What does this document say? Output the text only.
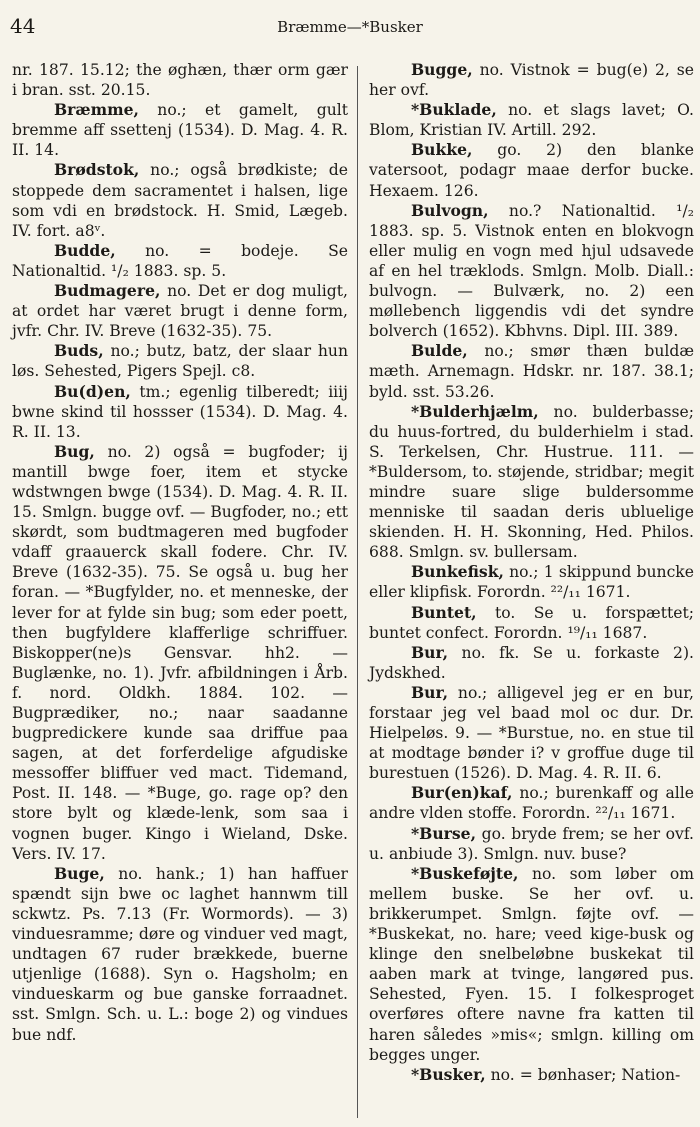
44	Bræmme—*Busker

nr. 187. 15.12; the øghæn, thær orm gær i bran. sst. 20.15.

Bræmme, no.; et gamelt, gult bremme aff ssettenj (1534). D. Mag. 4. R. II. 14.

Brødstok, no.; også brødkiste; de stoppede dem sacramentet i halsen, lige som vdi en brødstock. H. Smid, Lægeb. IV. fort. a8ᵛ.

Budde, no. = bodeje. Se Nationaltid. ¹/₂ 1883. sp. 5.

Budmagere, no. Det er dog muligt, at ordet har været brugt i denne form, jvfr. Chr. IV. Breve (1632-35). 75.

Buds, no.; butz, batz, der slaar hun løs. Sehested, Pigers Spejl. c8.

Bu(d)en, tm.; egenlig tilberedt; iiij bwne skind til hossser (1534). D. Mag. 4. R. II. 13.

Bug, no. 2) også = bugfoder; ij mantill bwge foer, item et stycke wdstwngen bwge (1534). D. Mag. 4. R. II. 15. Smlgn. bugge ovf. — Bugfoder, no.; ett skørdt, som budtmageren med bugfoder vdaff graauerck skall fodere. Chr. IV. Breve (1632-35). 75. Se også u. bug her foran. — *Bugfylder, no. et menneske, der lever for at fylde sin bug; som eder poett, then bugfyldere klafferlige schriffuer. Biskopper(ne)s Gensvar. hh2. — Buglænke, no. 1). Jvfr. afbildningen i Årb. f. nord. Oldkh. 1884. 102. — Bugprædiker, no.; naar saadanne bugpredickere kunde saa driffue paa sagen, at det forferdelige afgudiske messoffer bliffuer ved mact. Tidemand, Post. II. 148. — *Buge, go. rage op? den store bylt og klæde-lenk, som saa i vognen buger. Kingo i Wieland, Dske. Vers. IV. 17.

Buge, no. hank.; 1) han haffuer spændt sijn bwe oc laghet hannwm till sckwtz. Ps. 7.13 (Fr. Wormords). — 3) vinduesramme; døre og vinduer ved magt, undtagen 67 ruder brækkede, buerne utjenlige (1688). Syn o. Hagsholm; en vindueskarm og bue ganske forraadnet. sst. Smlgn. Sch. u. L.: boge 2) og vindues bue ndf.

Bugge, no. Vistnok = bug(e) 2, se her ovf.

*Buklade, no. et slags lavet; O. Blom, Kristian IV. Artill. 292.

Bukke, go. 2) den blanke vatersoot, podagr maae derfor bucke. Hexaem. 126.

Bulvogn, no.? Nationaltid. ¹/₂ 1883. sp. 5. Vistnok enten en blokvogn eller mulig en vogn med hjul udsavede af en hel træklods. Smlgn. Molb. Diall.: bulvogn. — Bulværk, no. 2) een møllebench liggendis vdi det syndre bolverch (1652). Kbhvns. Dipl. III. 389.

Bulde, no.; smør thæn buldæ mæth. Arnemagn. Hdskr. nr. 187. 38.1; byld. sst. 53.26.

*Bulderhjælm, no. bulderbasse; du huus-fortred, du bulderhielm i stad. S. Terkelsen, Chr. Hustrue. 111. — *Buldersom, to. støjende, stridbar; megit mindre suare slige buldersomme menniske til saadan deris ubluelige skienden. H. H. Skonning, Hed. Philos. 688. Smlgn. sv. bullersam.

Bunkefisk, no.; 1 skippund buncke eller klipfisk. Forordn. ²²/₁₁ 1671.

Buntet, to. Se u. forspættet; buntet confect. Forordn. ¹⁹/₁₁ 1687.

Bur, no. fk. Se u. forkaste 2). Jydskhed.

Bur, no.; alligevel jeg er en bur, forstaar jeg vel baad mol oc dur. Dr. Hielpeløs. 9. — *Burstue, no. en stue til at modtage bønder i? v groffue duge til burestuen (1526). D. Mag. 4. R. II. 6.

Bur(en)kaf, no.; burenkaff og alle andre vlden stoffe. Forordn. ²²/₁₁ 1671.

*Burse, go. bryde frem; se her ovf. u. anbiude 3). Smlgn. nuv. buse?

*Buskeføjte, no. som løber om mellem buske. Se her ovf. u. brikkerumpet. Smlgn. føjte ovf. — *Buskekat, no. hare; veed kige-busk og klinge den snelbeløbne buskekat til aaben mark at tvinge, langøred pus. Sehested, Fyen. 15. I folkesproget overføres oftere navne fra katten til haren således »mis«; smlgn. killing om begges unger.

*Busker, no. = bønhaser; Nation-
